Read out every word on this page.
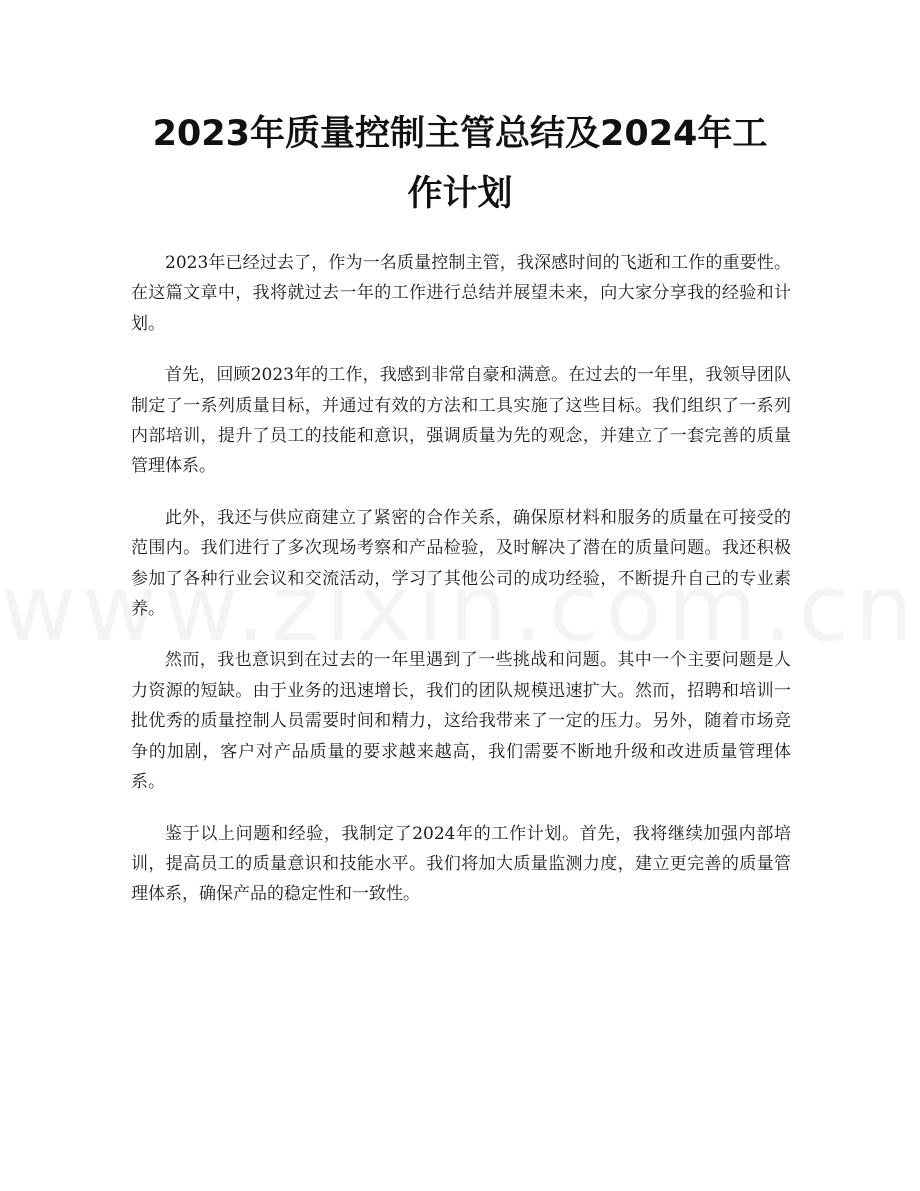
2023年质量控制主管总结及2024年工作计划

2023年已经过去了，作为一名质量控制主管，我深感时间的飞逝和工作的重要性。在这篇文章中，我将就过去一年的工作进行总结并展望未来，向大家分享我的经验和计划。

首先，回顾2023年的工作，我感到非常自豪和满意。在过去的一年里，我领导团队制定了一系列质量目标，并通过有效的方法和工具实施了这些目标。我们组织了一系列内部培训，提升了员工的技能和意识，强调质量为先的观念，并建立了一套完善的质量管理体系。

此外，我还与供应商建立了紧密的合作关系，确保原材料和服务的质量在可接受的范围内。我们进行了多次现场考察和产品检验，及时解决了潜在的质量问题。我还积极参加了各种行业会议和交流活动，学习了其他公司的成功经验，不断提升自己的专业素养。

然而，我也意识到在过去的一年里遇到了一些挑战和问题。其中一个主要问题是人力资源的短缺。由于业务的迅速增长，我们的团队规模迅速扩大。然而，招聘和培训一批优秀的质量控制人员需要时间和精力，这给我带来了一定的压力。另外，随着市场竞争的加剧，客户对产品质量的要求越来越高，我们需要不断地升级和改进质量管理体系。

鉴于以上问题和经验，我制定了2024年的工作计划。首先，我将继续加强内部培训，提高员工的质量意识和技能水平。我们将加大质量监测力度，建立更完善的质量管理体系，确保产品的稳定性和一致性。
